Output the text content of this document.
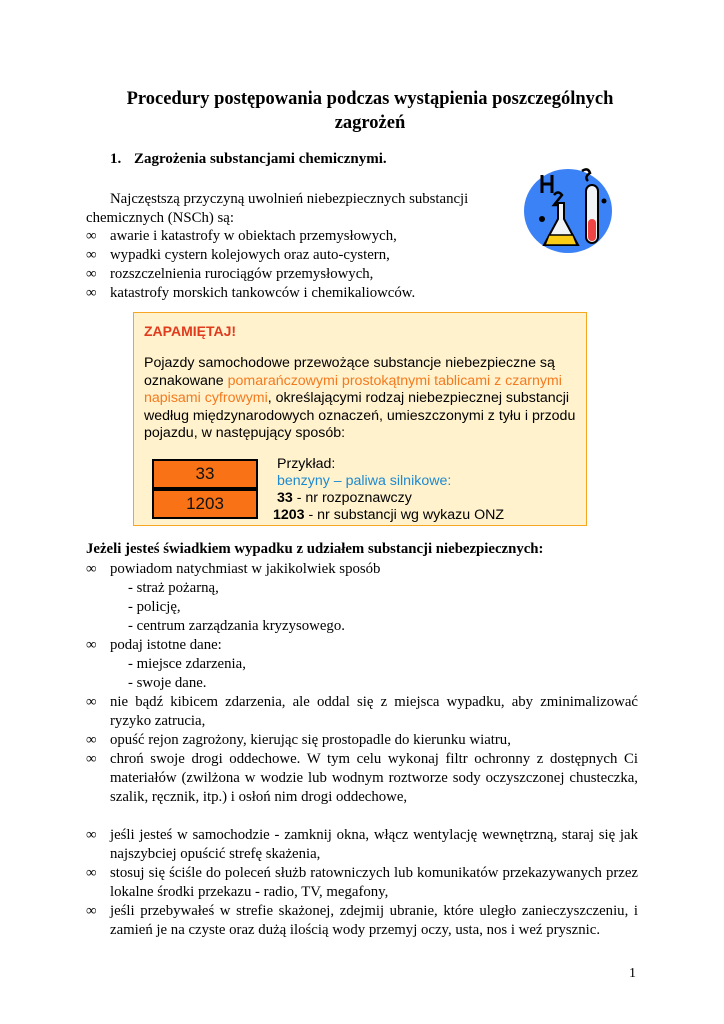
Procedury postępowania podczas wystąpienia poszczególnych zagrożeń
1. Zagrożenia substancjami chemicznymi.
Najczęstszą przyczyną uwolnień niebezpiecznych substancji chemicznych (NSCh) są:
∞ awarie i katastrofy w obiektach przemysłowych,
∞ wypadki cystern kolejowych oraz auto-cystern,
∞ rozszczelnienia rurociągów przemysłowych,
∞ katastrofy morskich tankowców i chemikaliowców.
ZAPAMIĘTAJ!
Pojazdy samochodowe przewożące substancje niebezpieczne są oznakowane pomarańczowymi prostokątnymi tablicami z czarnymi napisami cyfrowymi, określającymi rodzaj niebezpiecznej substancji według międzynarodowych oznaczeń, umieszczonymi z tyłu i przodu pojazdu, w następujący sposób:
33
1203
Przykład:
benzyny – paliwa silnikowe:
33 - nr rozpoznawczy
1203 - nr substancji wg wykazu ONZ
Jeżeli jesteś świadkiem wypadku z udziałem substancji niebezpiecznych:
∞ powiadom natychmiast w jakikolwiek sposób
- straż pożarną,
- policję,
- centrum zarządzania kryzysowego.
∞ podaj istotne dane:
- miejsce zdarzenia,
- swoje dane.
∞ nie bądź kibicem zdarzenia, ale oddal się z miejsca wypadku, aby zminimalizować ryzyko zatrucia,
∞ opuść rejon zagrożony, kierując się prostopadle do kierunku wiatru,
∞ chroń swoje drogi oddechowe. W tym celu wykonaj filtr ochronny z dostępnych Ci materiałów (zwilżona w wodzie lub wodnym roztworze sody oczyszczonej chusteczka, szalik, ręcznik, itp.) i osłoń nim drogi oddechowe,
∞ jeśli jesteś w samochodzie - zamknij okna, włącz wentylację wewnętrzną, staraj się jak najszybciej opuścić strefę skażenia,
∞ stosuj się ściśle do poleceń służb ratowniczych lub komunikatów przekazywanych przez lokalne środki przekazu - radio, TV, megafony,
∞ jeśli przebywałeś w strefie skażonej, zdejmij ubranie, które uległo zanieczyszczeniu, i zamień je na czyste oraz dużą ilością wody przemyj oczy, usta, nos i weź prysznic.
1
